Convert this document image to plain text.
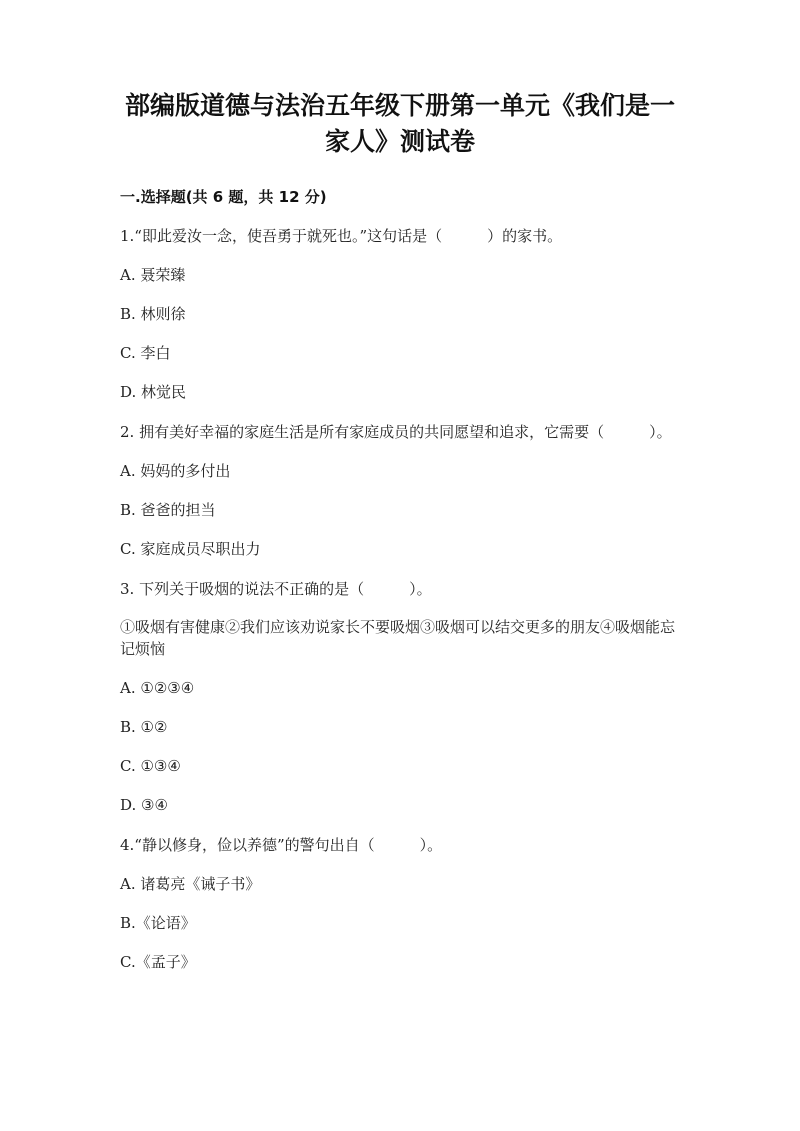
部编版道德与法治五年级下册第一单元《我们是一
家人》测试卷
一.选择题(共 6 题，共 12 分)

1.“即此爱汝一念，使吾勇于就死也。”这句话是（　　　）的家书。

A. 聂荣臻

B. 林则徐

C. 李白

D. 林觉民

2. 拥有美好幸福的家庭生活是所有家庭成员的共同愿望和追求，它需要（　　　）。

A. 妈妈的多付出

B. 爸爸的担当

C. 家庭成员尽职出力

3. 下列关于吸烟的说法不正确的是（　　　）。

①吸烟有害健康②我们应该劝说家长不要吸烟③吸烟可以结交更多的朋友④吸烟能忘记烦恼

A. ①②③④

B. ①②

C. ①③④

D. ③④

4.“静以修身，俭以养德”的警句出自（　　　）。

A. 诸葛亮《诫子书》

B.《论语》

C.《孟子》
